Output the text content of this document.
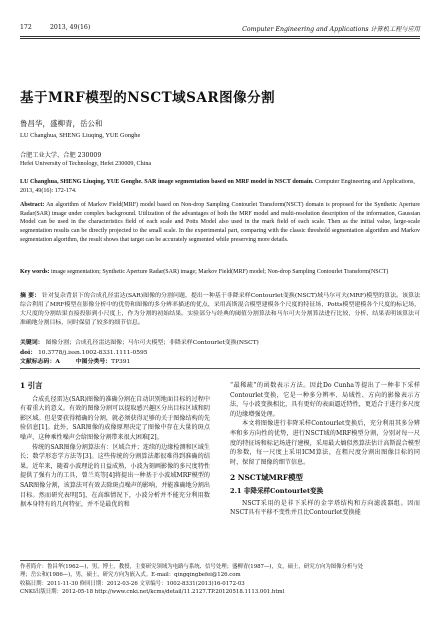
172	2013, 49(16)	Computer Engineering and Applications 计算机工程与应用
基于MRF模型的NSCT域SAR图像分割
鲁昌华，盛柳青，岳公和
LU Changhua, SHENG Liuqing, YUE Gonghe
合肥工业大学，合肥 230009
Hefei University of Technology, Hefei 230009, China
LU Changhua, SHENG Liuqing, YUE Gonghe. SAR image segmentation based on MRF model in NSCT domain. Computer Engineering and Applications, 2013, 49(16): 172-174.
Abstract: An algorithm of Markov Field(MRF) model based on Non-drop Sampling Contourlet Transform(NSCT) domain is proposed for the Synthetic Aperture Radar(SAR) image under complex background. Utilization of the advantages of both the MRF model and multi-resolution description of the information, Gaussian Model can be used in the characteristics field of each scale and Potts Model also used in the mark field of each scale. Then as the initial value, large-scale segmentation results can be directly projected to the small scale. In the experimental part, comparing with the classic threshold segmentation algorithm and Markov segmentation algorithm, the result shows that target can be accurately segmented while preserving more details.
Key words: image segmentation; Synthetic Aperture Radar(SAR) image; Markov Field(MRF) model; Non-drop Sampling Contourlet Transform(NSCT)
摘 要： 针对复杂背景下的合成孔径雷达(SAR)图像的分割问题，提出一种基于非降采样Contourlet变换(NSCT)域马尔可夫(MRF)模型的算法。该算法综合利用了MRF模型在影像分析中的优势和图像的多分辨率描述的优点，采用高斯混合模型建模各个尺度的特征场，Potts模型建模各个尺度的标记场，大尺度的分割结果直接投影到小尺度上，作为分割的初始结果。实验部分与经典的阈值分割算法和马尔可夫分割算法进行比较，分析、结果表明该算法可准确地分割目标，同时保留了较多的细节信息。
关键词： 图像分割；合成孔径雷达图像；马尔可夫模型；非降采样Contourlet变换(NSCT)
doi： 10.3778/j.issn.1002-8331.1111-0595
文献标志码：A	中图分类号：TP391
1 引言

合成孔径雷达(SAR)图像的准确分割在自动识别地面目标的过程中有着重大的意义。有效的图像分割可以提取感兴趣区分出目标区域和阴影区域。但是要获得精确的分割，就必须获得足够的关于图像结构的先验信息[1]。此外，SAR图像的成像原理决定了图像中存在大量的斑点噪声，这种乘性噪声会给图像分割带来很大困难[2]。

传统的SAR图像分割算法有：区域合并；连续的边缘检测和区域生长；数学形态学方法等[3]。这些传统的分割算法都很难得到准确的结果。近年来，随着小波理论的日益成熟，小波为刻画影像的多尺度特性提供了强有力的工具，曾兰英等[4]将提出一种基于小波域MRF模型的SAR图像分割，该算法可有效去除斑点噪声的影响，并能准确地分割出目标。然而研究表明[5]，在高维情况下，小波分析并不能充分利用数据本身特有的几何特征，并不是最优的和

“最稀疏”的函数表示方法。因此Do Cunha等提出了一种非下采样Contourlet变换，它是一种多分辨率、局域性、方向的影像表示方法，与小波变换相比，具有更好的表面逼近特性，更适合于进行多尺度的边缘增强处理。

本文将图像进行非降采样Contourlet变换后，充分利用其多分辨率和多方向性的优势，进行NSCT域的MRF模型分割，分别对每一尺度的特征场和标记场进行建模，采用最大熵似然算法估计高斯混合模型的参数，每一尺度上采用ICM算法，在粗尺度分割出图像目标的同时，保留了图像的细节信息。

2 NSCT域MRF模型
2.1 非降采样Contourlet变换

NSCT采用的是非下采样的金字塔结构和方向滤波器组。因而NSCT具有平移不变性并且比Contourlet变换能

作者简介：鲁昌华(1962—)，男，博士，教授，主要研究领域为电路与系统、信号处理；盛柳青(1987—)，女，硕士，研究方向为图像分析与处
理；岳公和(1986—)，男，硕士，研究方向为嵌入式。E-mail：qingqingbefei@126.com
收稿日期：2011-11-30 修回日期：2012-03-26 文章编号：1002-8331(2013)16-0172-03
CNKI出版日期：2012-05-18 http://www.cnki.net/kcms/detail/11.2127.TP.20120518.1113.001.html
